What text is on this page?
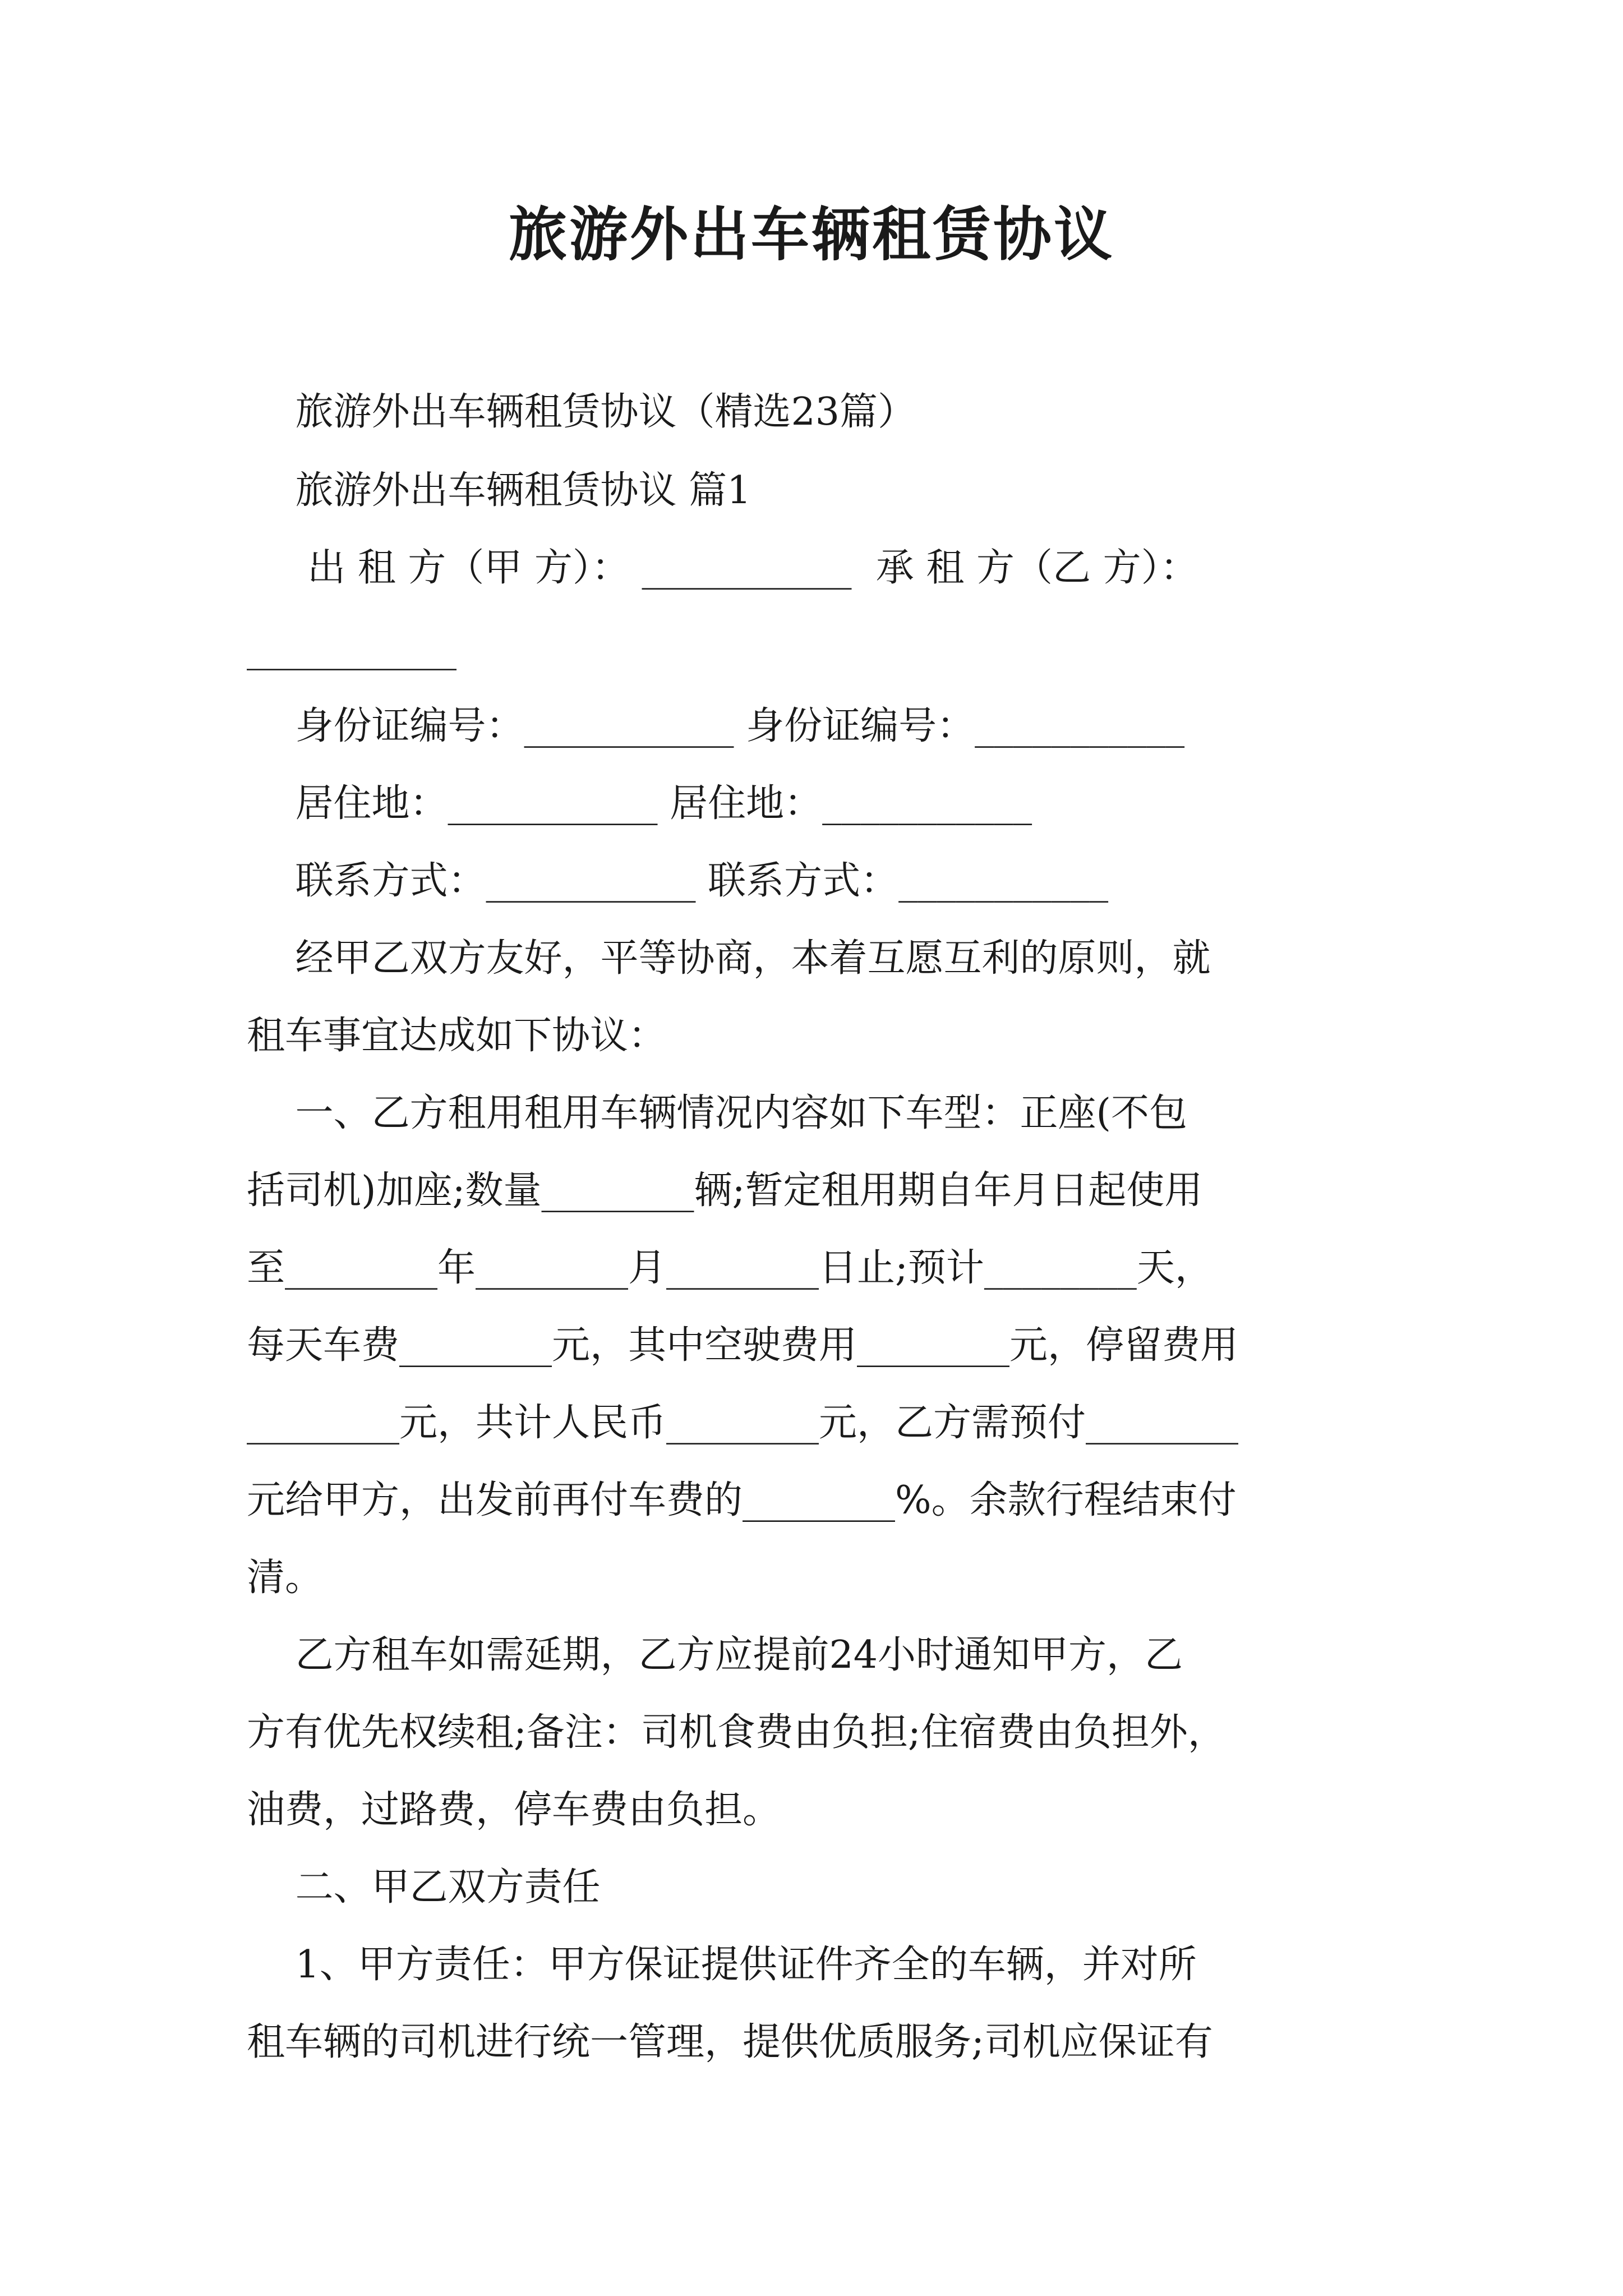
旅游外出车辆租赁协议
旅游外出车辆租赁协议（精选23篇）
旅游外出车辆租赁协议 篇1
出 租 方（甲 方）： ___________  承 租 方（乙 方）：
___________
身份证编号：___________ 身份证编号：___________
居住地：___________ 居住地：___________
联系方式：___________ 联系方式：___________
经甲乙双方友好，平等协商，本着互愿互利的原则，就
租车事宜达成如下协议：
一、乙方租用租用车辆情况内容如下车型：正座(不包
括司机)加座;数量________辆;暂定租用期自年月日起使用
至________年________月________日止;预计________天，
每天车费________元，其中空驶费用________元，停留费用
________元，共计人民币________元，乙方需预付________
元给甲方，出发前再付车费的________%。余款行程结束付
清。
乙方租车如需延期，乙方应提前24小时通知甲方，乙
方有优先权续租;备注：司机食费由负担;住宿费由负担外，
油费，过路费，停车费由负担。
二、甲乙双方责任
1、甲方责任：甲方保证提供证件齐全的车辆，并对所
租车辆的司机进行统一管理，提供优质服务;司机应保证有
